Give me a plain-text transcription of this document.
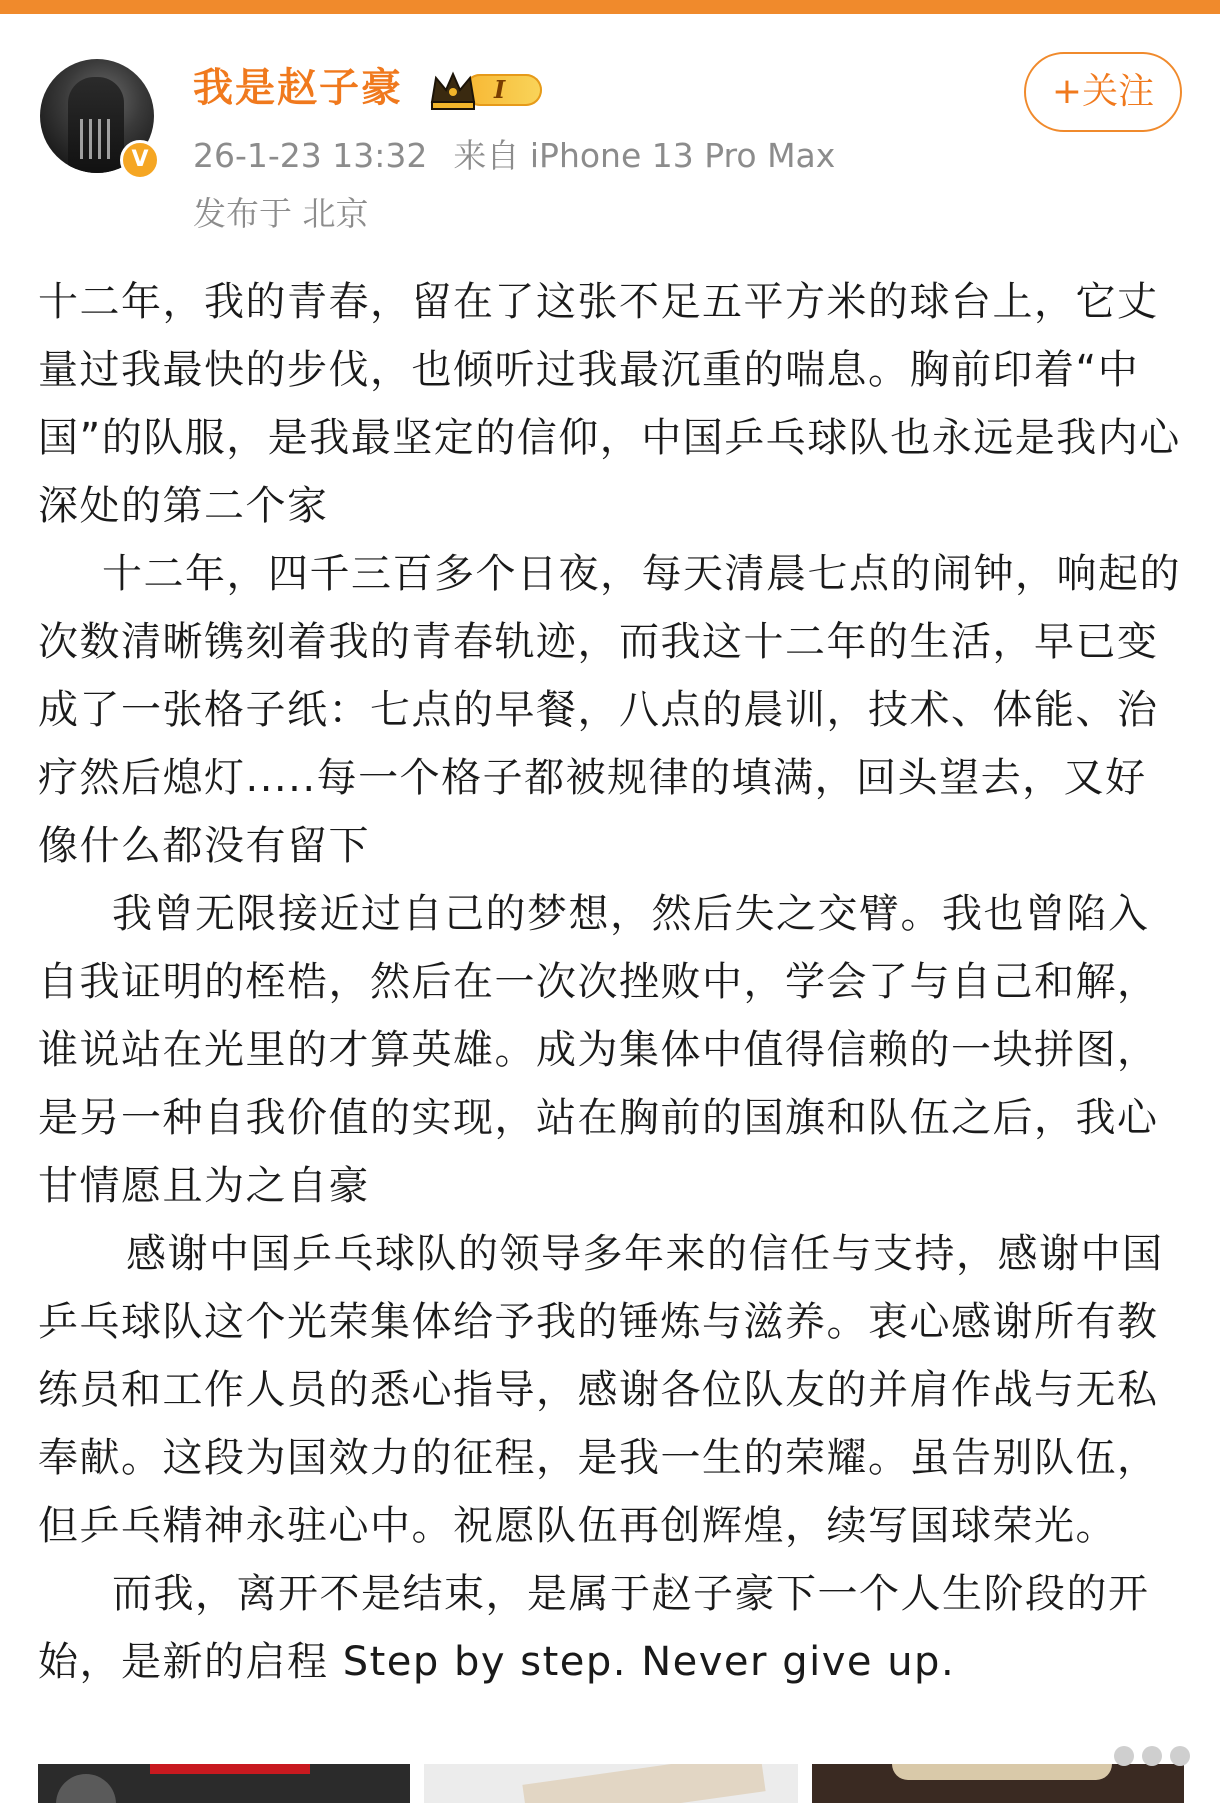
V
我是赵子豪	I
26-1-23 13:32 来自 iPhone 13 Pro Max
发布于 北京
+关注

十二年，我的青春，留在了这张不足五平方米的球台上，它丈量过我最快的步伐，也倾听过我最沉重的喘息。胸前印着“中国”的队服，是我最坚定的信仰，中国乒乓球队也永远是我内心深处的第二个家

十二年，四千三百多个日夜，每天清晨七点的闹钟，响起的次数清晰镌刻着我的青春轨迹，而我这十二年的生活，早已变成了一张格子纸：七点的早餐，八点的晨训，技术、体能、治疗然后熄灯.....每一个格子都被规律的填满，回头望去，又好像什么都没有留下

我曾无限接近过自己的梦想，然后失之交臂。我也曾陷入自我证明的桎梏，然后在一次次挫败中，学会了与自己和解，谁说站在光里的才算英雄。成为集体中值得信赖的一块拼图，是另一种自我价值的实现，站在胸前的国旗和队伍之后，我心甘情愿且为之自豪

感谢中国乒乓球队的领导多年来的信任与支持，感谢中国乒乓球队这个光荣集体给予我的锤炼与滋养。衷心感谢所有教练员和工作人员的悉心指导，感谢各位队友的并肩作战与无私奉献。这段为国效力的征程，是我一生的荣耀。虽告别队伍，但乒乓精神永驻心中。祝愿队伍再创辉煌，续写国球荣光。

而我，离开不是结束，是属于赵子豪下一个人生阶段的开始，是新的启程 Step by step. Never give up.
